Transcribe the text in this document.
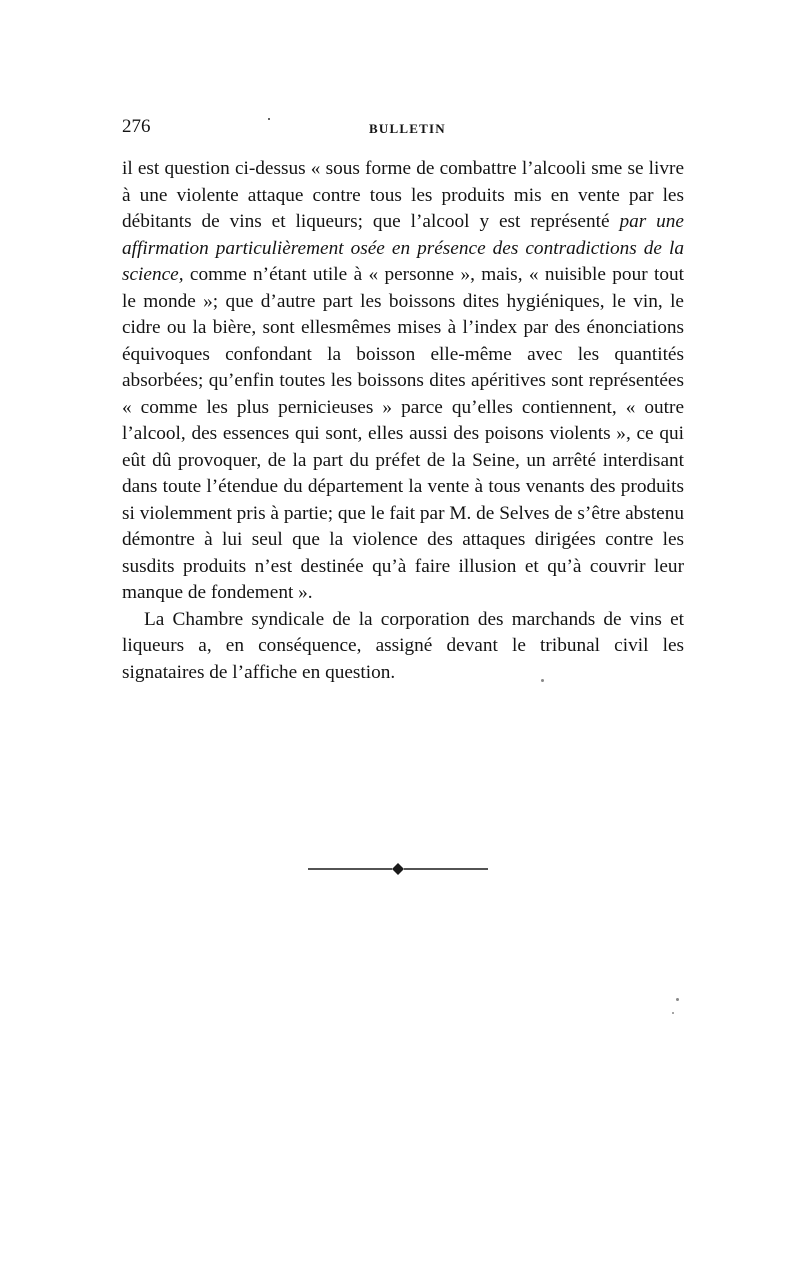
276	BULLETIN

il est question ci-dessus « sous forme de combattre l’alcooli sme se livre à une violente attaque contre tous les produits mis en vente par les débitants de vins et liqueurs; que l’alcool y est représenté par une affirmation particulièrement osée en présence des contradictions de la science, comme n’étant utile à « personne », mais, « nuisible pour tout le monde »; que d’autre part les boissons dites hygiéniques, le vin, le cidre ou la bière, sont ellesmêmes mises à l’index par des énonciations équivoques confondant la boisson elle-même avec les quantités absorbées; qu’enfin toutes les boissons dites apéritives sont représentées « comme les plus pernicieuses » parce qu’elles contiennent, « outre l’alcool, des essences qui sont, elles aussi des poisons violents », ce qui eût dû provoquer, de la part du préfet de la Seine, un arrêté interdisant dans toute l’étendue du département la vente à tous venants des produits si violemment pris à partie; que le fait par M. de Selves de s’être abstenu démontre à lui seul que la violence des attaques dirigées contre les susdits produits n’est destinée qu’à faire illusion et qu’à couvrir leur manque de fondement ».

La Chambre syndicale de la corporation des marchands de vins et liqueurs a, en conséquence, assigné devant le tribunal civil les signataires de l’affiche en question.
